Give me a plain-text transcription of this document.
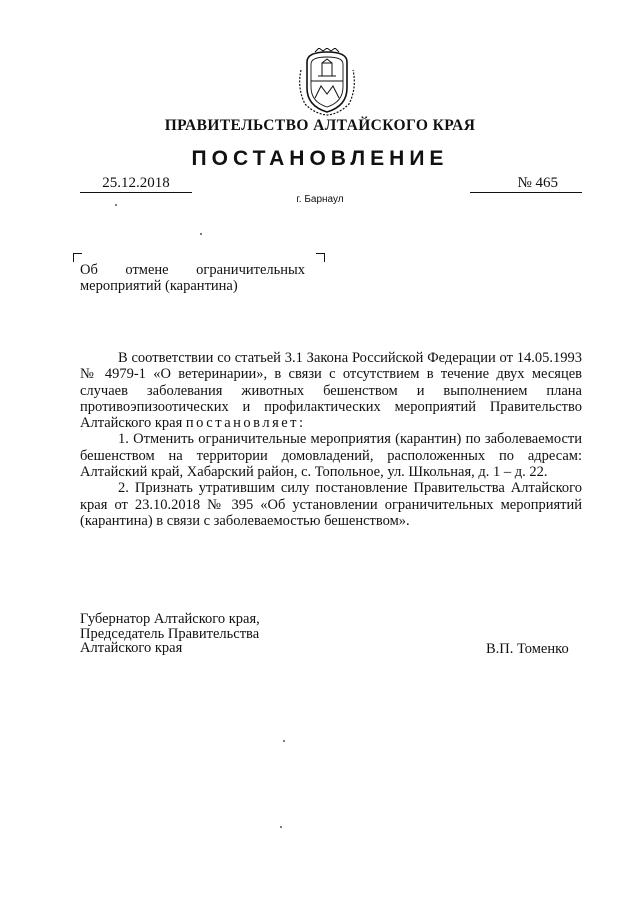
ПРАВИТЕЛЬСТВО АЛТАЙСКОГО КРАЯ
ПОСТАНОВЛЕНИЕ
25.12.2018	№ 465
г. Барнаул
Об отмене ограничительных
мероприятий (карантина)

В соответствии со статьей 3.1 Закона Российской Федерации от 14.05.1993 № 4979-1 «О ветеринарии», в связи с отсутствием в течение двух месяцев случаев заболевания животных бешенством и выполнением плана противоэпизоотических и профилактических мероприятий Правительство Алтайского края постановляет:

1. Отменить ограничительные мероприятия (карантин) по заболеваемости бешенством на территории домовладений, расположенных по адресам: Алтайский край, Хабарский район, с. Топольное, ул. Школьная, д. 1 – д. 22.

2. Признать утратившим силу постановление Правительства Алтайского края от 23.10.2018 № 395 «Об установлении ограничительных мероприятий (карантина) в связи с заболеваемостью бешенством».

Губернатор Алтайского края,
Председатель Правительства
Алтайского края	В.П. Томенко
